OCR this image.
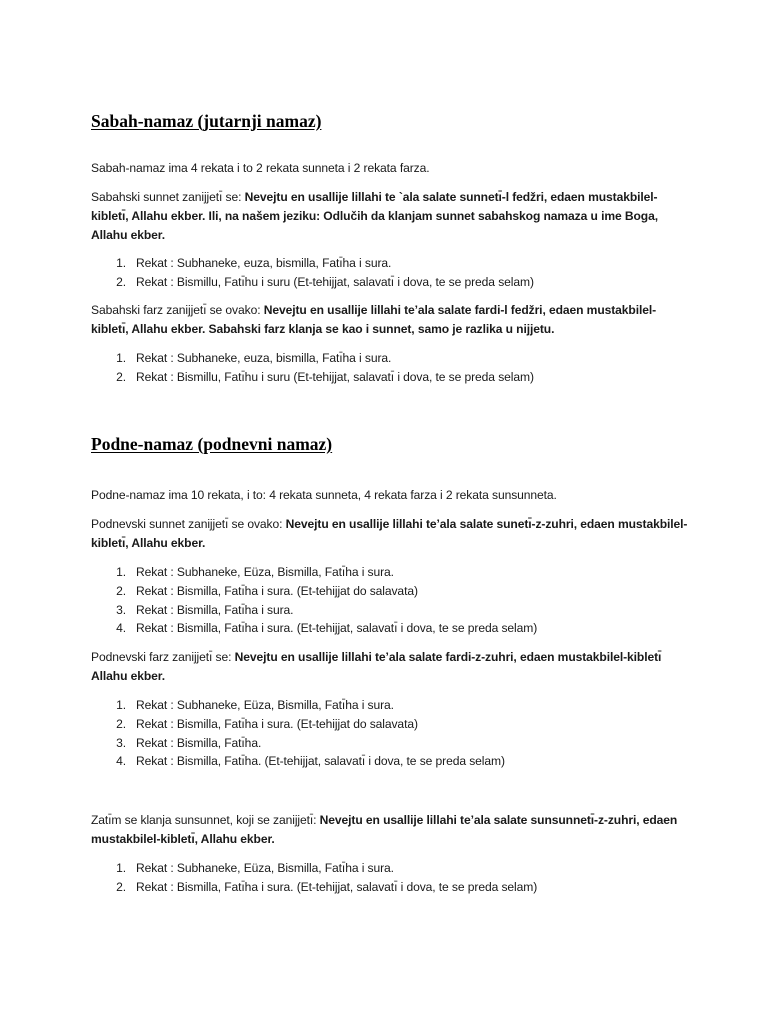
Sabah-namaz (jutarnji namaz)

Sabah-namaz ima 4 rekata i to 2 rekata sunneta i 2 rekata farza.

Sabahski sunnet zanijjetı̄ se: Nevejtu en usallije lillahi te `ala salate sunnetı̄-l fedžri, edaen mustakbilel-kibletı̄, Allahu ekber. Ili, na našem jeziku: Odlučih da klanjam sunnet sabahskog namaza u ime Boga, Allahu ekber.

1. Rekat : Subhaneke, euza, bismilla, Fatı̄ha i sura.
2. Rekat : Bismillu, Fatı̄hu i suru (Et-tehijjat, salavatı̄ i dova, te se preda selam)

Sabahski farz zanijjetı̄ se ovako: Nevejtu en usallije lillahi te’ala salate fardi-l fedžri, edaen mustakbilel-kibletı̄, Allahu ekber. Sabahski farz klanja se kao i sunnet, samo je razlika u nijjetu.

1. Rekat : Subhaneke, euza, bismilla, Fatı̄ha i sura.
2. Rekat : Bismillu, Fatı̄hu i suru (Et-tehijjat, salavatı̄ i dova, te se preda selam)
Podne-namaz (podnevni namaz)

Podne-namaz ima 10 rekata, i to: 4 rekata sunneta, 4 rekata farza i 2 rekata sunsunneta.

Podnevski sunnet zanijjetı̄ se ovako: Nevejtu en usallije lillahi te’ala salate sunetı̄-z-zuhri, edaen mustakbilel-kibletı̄, Allahu ekber.

1. Rekat : Subhaneke, Eüza, Bismilla, Fatı̄ha i sura.
2. Rekat : Bismilla, Fatı̄ha i sura. (Et-tehijjat do salavata)
3. Rekat : Bismilla, Fatı̄ha i sura.
4. Rekat : Bismilla, Fatı̄ha i sura. (Et-tehijjat, salavatı̄ i dova, te se preda selam)

Podnevski farz zanijjetı̄ se: Nevejtu en usallije lillahi te’ala salate fardi-z-zuhri, edaen mustakbilel-kibletı̄ Allahu ekber.

1. Rekat : Subhaneke, Eüza, Bismilla, Fatı̄ha i sura.
2. Rekat : Bismilla, Fatı̄ha i sura. (Et-tehijjat do salavata)
3. Rekat : Bismilla, Fatı̄ha.
4. Rekat : Bismilla, Fatı̄ha. (Et-tehijjat, salavatı̄ i dova, te se preda selam)

Zatı̄m se klanja sunsunnet, koji se zanijjetı̄: Nevejtu en usallije lillahi te’ala salate sunsunnetı̄-z-zuhri, edaen mustakbilel-kibletı̄, Allahu ekber.

1. Rekat : Subhaneke, Eüza, Bismilla, Fatı̄ha i sura.
2. Rekat : Bismilla, Fatı̄ha i sura. (Et-tehijjat, salavatı̄ i dova, te se preda selam)
